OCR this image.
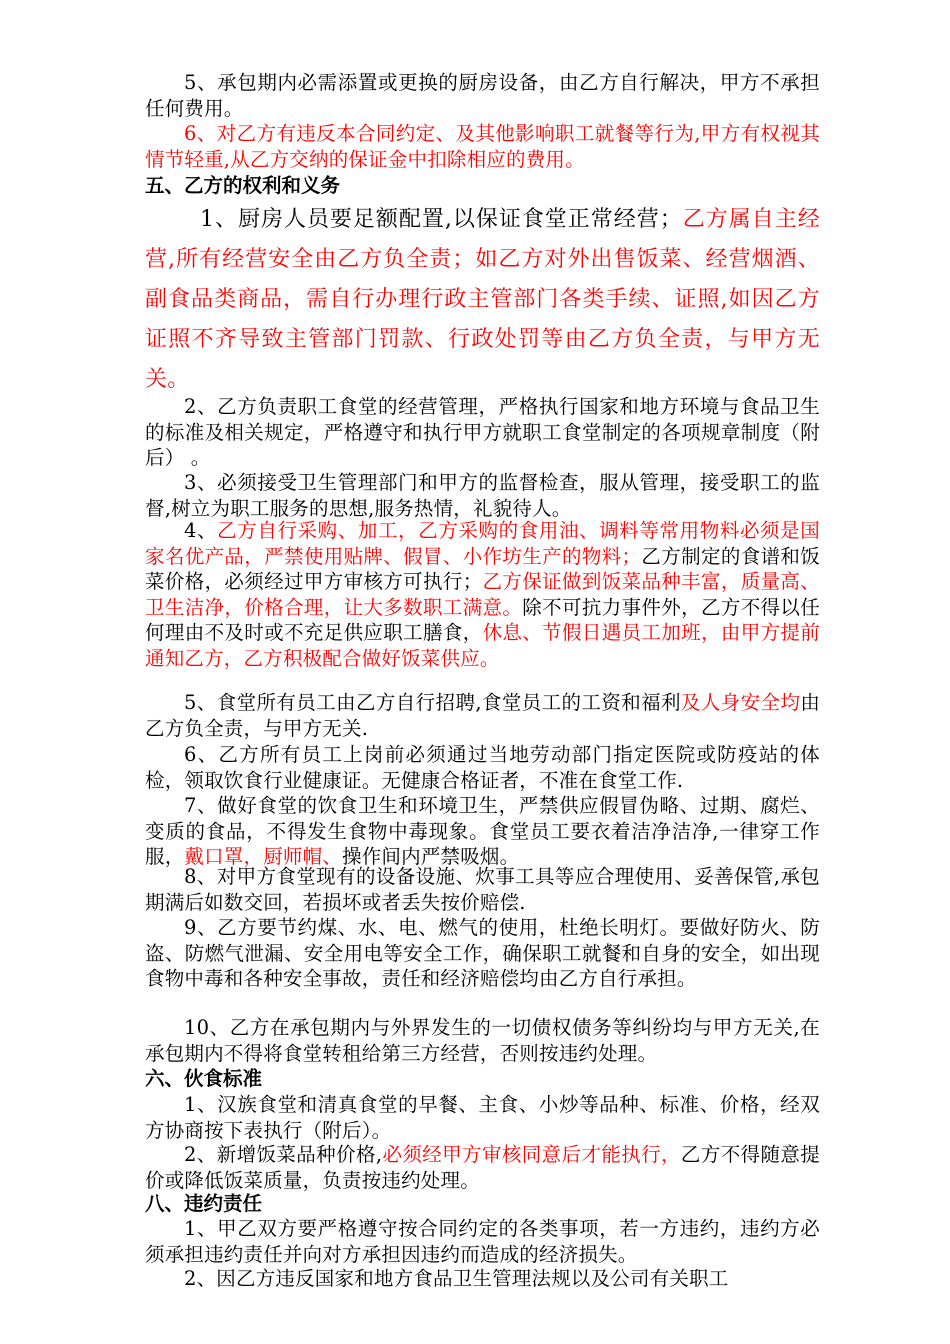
5、承包期内必需添置或更换的厨房设备，由乙方自行解决，甲方不承担任何费用。

6、对乙方有违反本合同约定、及其他影响职工就餐等行为,甲方有权视其情节轻重,从乙方交纳的保证金中扣除相应的费用。

五、乙方的权利和义务

1、厨房人员要足额配置,以保证食堂正常经营；乙方属自主经营,所有经营安全由乙方负全责；如乙方对外出售饭菜、经营烟酒、副食品类商品，需自行办理行政主管部门各类手续、证照,如因乙方证照不齐导致主管部门罚款、行政处罚等由乙方负全责，与甲方无关。

2、乙方负责职工食堂的经营管理，严格执行国家和地方环境与食品卫生的标准及相关规定，严格遵守和执行甲方就职工食堂制定的各项规章制度（附后） 。

3、必须接受卫生管理部门和甲方的监督检查，服从管理，接受职工的监督,树立为职工服务的思想,服务热情，礼貌待人。

4、乙方自行采购、加工，乙方采购的食用油、调料等常用物料必须是国家名优产品，严禁使用贴牌、假冒、小作坊生产的物料；乙方制定的食谱和饭菜价格，必须经过甲方审核方可执行；乙方保证做到饭菜品种丰富，质量高、卫生洁净，价格合理，让大多数职工满意。除不可抗力事件外，乙方不得以任何理由不及时或不充足供应职工膳食，休息、节假日遇员工加班，由甲方提前通知乙方，乙方积极配合做好饭菜供应。

5、食堂所有员工由乙方自行招聘,食堂员工的工资和福利及人身安全均由乙方负全责，与甲方无关.

6、乙方所有员工上岗前必须通过当地劳动部门指定医院或防疫站的体检，领取饮食行业健康证。无健康合格证者，不准在食堂工作.

7、做好食堂的饮食卫生和环境卫生，严禁供应假冒伪略、过期、腐烂、变质的食品，不得发生食物中毒现象。食堂员工要衣着洁净洁净,一律穿工作服，戴口罩，厨师帽、操作间内严禁吸烟。

8、对甲方食堂现有的设备设施、炊事工具等应合理使用、妥善保管,承包期满后如数交回，若损坏或者丢失按价赔偿.

9、乙方要节约煤、水、电、燃气的使用，杜绝长明灯。要做好防火、防盗、防燃气泄漏、安全用电等安全工作，确保职工就餐和自身的安全，如出现食物中毒和各种安全事故，责任和经济赔偿均由乙方自行承担。

10、乙方在承包期内与外界发生的一切债权债务等纠纷均与甲方无关,在承包期内不得将食堂转租给第三方经营，否则按违约处理。

六、伙食标准

1、汉族食堂和清真食堂的早餐、主食、小炒等品种、标准、价格，经双方协商按下表执行（附后）。

2、新增饭菜品种价格,必须经甲方审核同意后才能执行，乙方不得随意提价或降低饭菜质量，负责按违约处理。

八、违约责任

1、甲乙双方要严格遵守按合同约定的各类事项，若一方违约，违约方必须承担违约责任并向对方承担因违约而造成的经济损失。

2、因乙方违反国家和地方食品卫生管理法规以及公司有关职工
